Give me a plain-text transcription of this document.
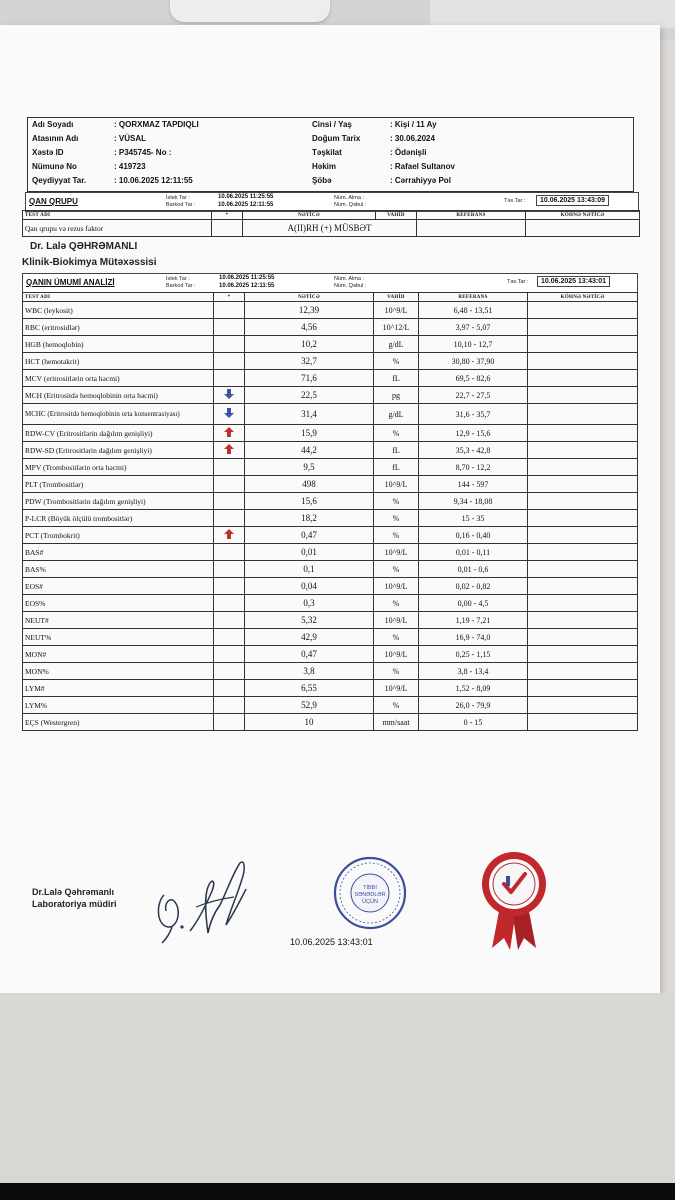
Adı Soyadı	: QORXMAZ TAPDIQLI
Atasının Adı	: VÜSAL
Xəstə ID	: P345745- No :
Nümunə No	: 419723
Qeydiyyat Tar.	: 10.06.2025 12:11:55
Cinsi / Yaş	: Kişi / 11 Ay
Doğum Tarix	: 30.06.2024
Təşkilat	: Ödənişli
Həkim	: Rafael Sultanov
Şöbə	: Cərrahiyyə Pol
QAN QRUPU	İstek Tar :
Barkod Tar :
10.06.2025 11:25:55
10.06.2025 12:11:55
Nüm. Alma :
Nüm. Qəbul :
Təs.Tar :	10.06.2025 13:43:09
TEST ADI	*	NƏTİCƏ	VAHİD	REFERANS	KÖHNƏ NƏTİCƏ
Qan qrupu və rezus faktor		A(II)RH (+) MÜSBƏT			
Dr. Lalə QƏHRƏMANLI
Klinik-Biokimya Mütəxəssisi
QANIN ÜMUMİ ANALİZİ	İstek Tar :
Barkod Tar :
10.06.2025 11:25:55
10.06.2025 12:11:55
Nüm. Alma :
Nüm. Qəbul :
Təs.Tar :	10.06.2025 13:43:01
TEST ADI	*	NƏTİCƏ	VAHİD	REFERANS	KÖHNƏ NƏTİCƏ
WBC (leykosit)		12,39	10^9/L	6,48 - 13,51	
RBC (eritrosidlər)		4,56	10^12/L	3,97 - 5,07	
HGB (hemoqlobin)		10,2	g/dL	10,10 - 12,7	
HCT (hemotakrit)		32,7	%	30,80 - 37,90	
MCV (eritrositlərin orta həcmi)		71,6	fL	69,5 - 82,6	
MCH (Eritrositdə hemoqlobinin orta həcmi)		22,5	pg	22,7 - 27,5	
MCHC (Eritrositdə hemoqlobinin orta konsentrasiyası)		31,4	g/dL	31,6 - 35,7	
RDW-CV (Eritrositlərin dağılım genişliyi)		15,9	%	12,9 - 15,6	
RDW-SD (Eritrositlərin dağılım genişliyi)		44,2	fL	35,3 - 42,8	
MPV (Trombositlərin orta həcmi)		9,5	fL	8,70 - 12,2	
PLT (Trombositlər)		498	10^9/L	144 - 597	
PDW (Trombositlərin dağılım genişliyi)		15,6	%	9,34 - 18,08	
P-LCR (Böyük ölçülü trombositlər)		18,2	%	15 - 35	
PCT (Trombokrit)		0,47	%	0,16 - 0,40	
BAS#		0,01	10^9/L	0,01 - 0,11	
BAS%		0,1	%	0,01 - 0,6	
EOS#		0,04	10^9/L	0,02 - 0,82	
EOS%		0,3	%	0,00 - 4,5	
NEUT#		5,32	10^9/L	1,19 - 7,21	
NEUT%		42,9	%	16,9 - 74,0	
MON#		0,47	10^9/L	0,25 - 1,15	
MON%		3,8	%	3,8 - 13,4	
LYM#		6,55	10^9/L	1,52 - 8,09	
LYM%		52,9	%	26,0 - 79,9	
EÇS (Westergren)		10	mm/saat	0 - 15	
Dr.Lalə Qəhrəmanlı
Laboratoriya müdiri
TİBBİ
SƏNƏDLƏR
ÜÇÜN
10.06.2025 13:43:01
